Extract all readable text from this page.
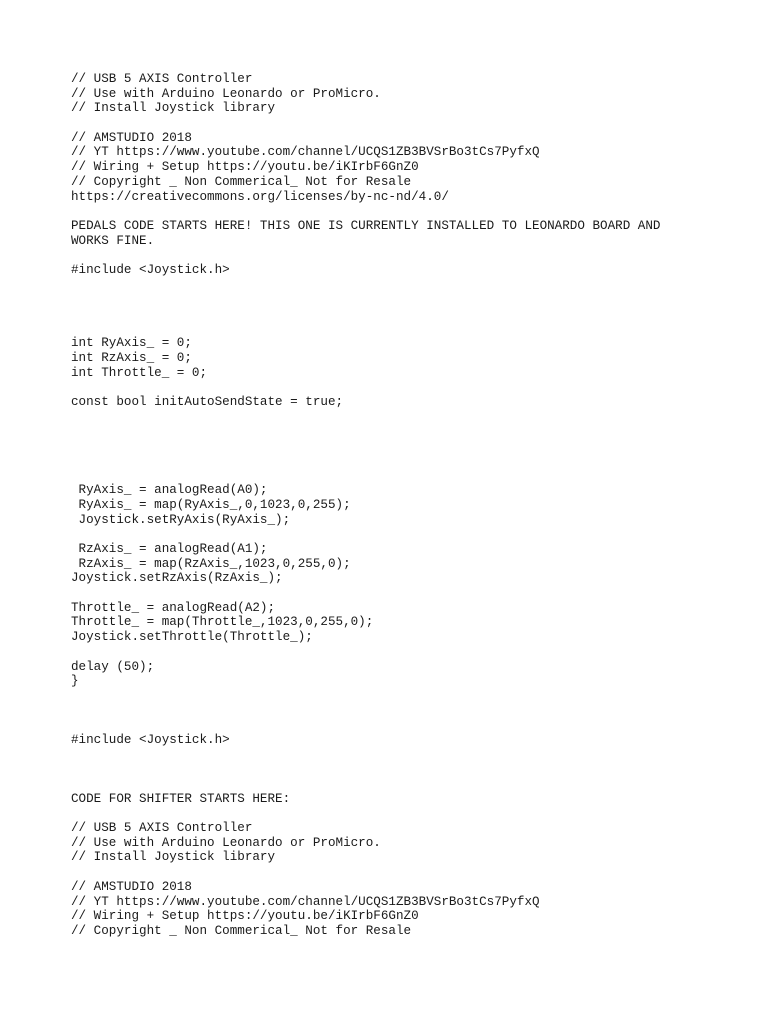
// USB 5 AXIS Controller
// Use with Arduino Leonardo or ProMicro.
// Install Joystick library
// AMSTUDIO 2018
// YT https://www.youtube.com/channel/UCQS1ZB3BVSrBo3tCs7PyfxQ
// Wiring + Setup https://youtu.be/iKIrbF6GnZ0
// Copyright _ Non Commerical_ Not for Resale
https://creativecommons.org/licenses/by-nc-nd/4.0/
PEDALS CODE STARTS HERE! THIS ONE IS CURRENTLY INSTALLED TO LEONARDO BOARD AND
WORKS FINE.
#include <Joystick.h>
int RyAxis_ = 0;
int RzAxis_ = 0;
int Throttle_ = 0;
const bool initAutoSendState = true;
RyAxis_ = analogRead(A0);
RyAxis_ = map(RyAxis_,0,1023,0,255);
Joystick.setRyAxis(RyAxis_);
RzAxis_ = analogRead(A1);
RzAxis_ = map(RzAxis_,1023,0,255,0);
Joystick.setRzAxis(RzAxis_);
Throttle_ = analogRead(A2);
Throttle_ = map(Throttle_,1023,0,255,0);
Joystick.setThrottle(Throttle_);
delay (50);
}
#include <Joystick.h>
CODE FOR SHIFTER STARTS HERE:
// USB 5 AXIS Controller
// Use with Arduino Leonardo or ProMicro.
// Install Joystick library
// AMSTUDIO 2018
// YT https://www.youtube.com/channel/UCQS1ZB3BVSrBo3tCs7PyfxQ
// Wiring + Setup https://youtu.be/iKIrbF6GnZ0
// Copyright _ Non Commerical_ Not for Resale
